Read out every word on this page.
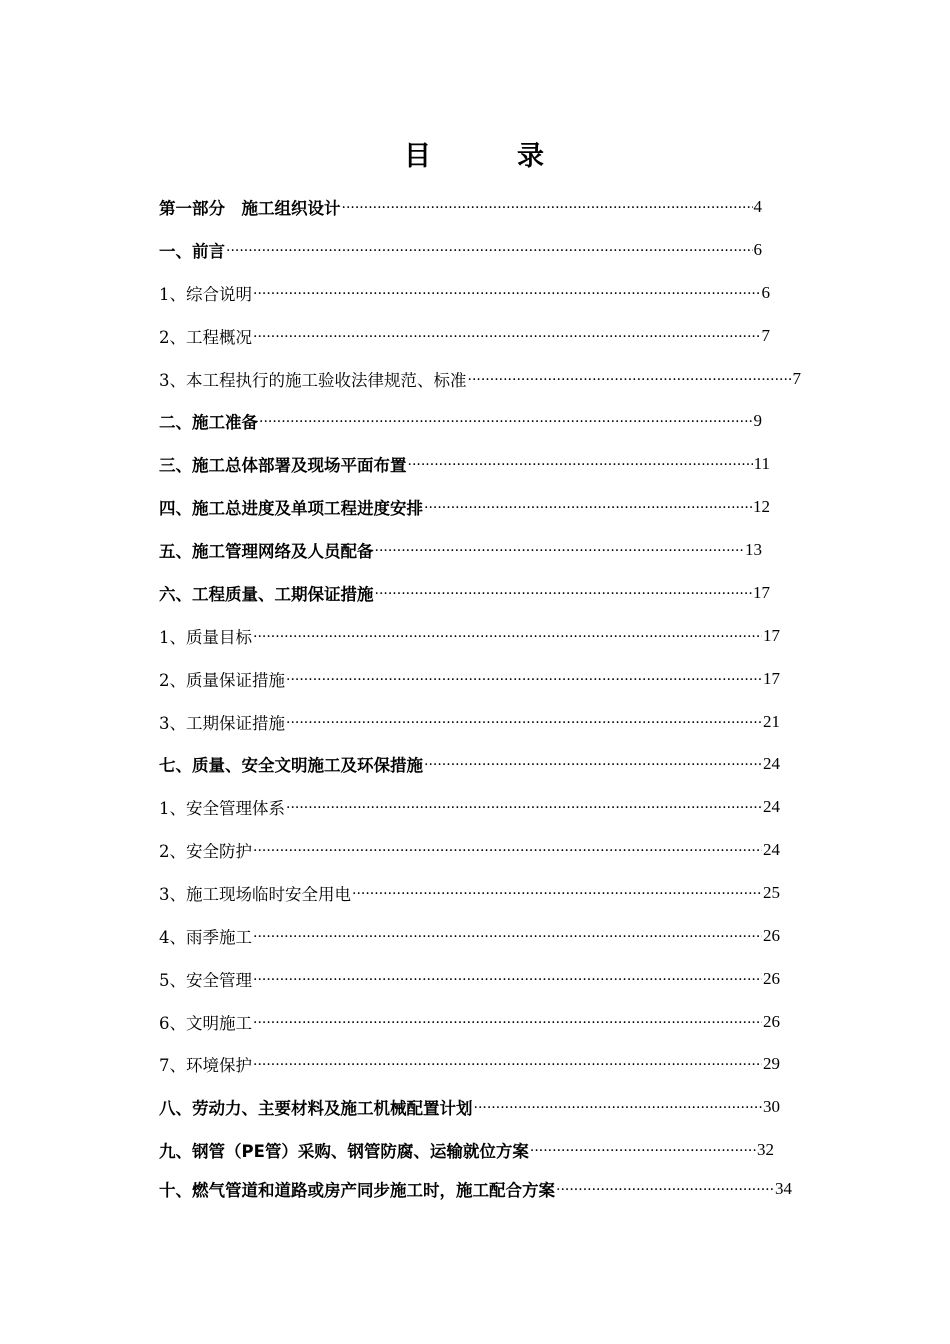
目	录
第一部分　施工组织设计 ·····	4
一、前言 ·····	6
1、综合说明 ·····	6
2、工程概况 ·····	7
3、本工程执行的施工验收法律规范、标准 ·····	7
二、施工准备 ·····	9
三、施工总体部署及现场平面布置 ·····	11
四、施工总进度及单项工程进度安排 ·····	12
五、施工管理网络及人员配备 ·····	13
六、工程质量、工期保证措施 ·····	17
1、质量目标 ·····	17
2、质量保证措施 ·····	17
3、工期保证措施 ·····	21
七、质量、安全文明施工及环保措施 ·····	24
1、安全管理体系 ·····	24
2、安全防护 ·····	24
3、施工现场临时安全用电 ·····	25
4、雨季施工 ·····	26
5、安全管理 ·····	26
6、文明施工 ·····	26
7、环境保护 ·····	29
八、劳动力、主要材料及施工机械配置计划 ·····	30
九、钢管（PE管）采购、钢管防腐、运输就位方案 ·····	32
十、燃气管道和道路或房产同步施工时，施工配合方案 ·····	34
